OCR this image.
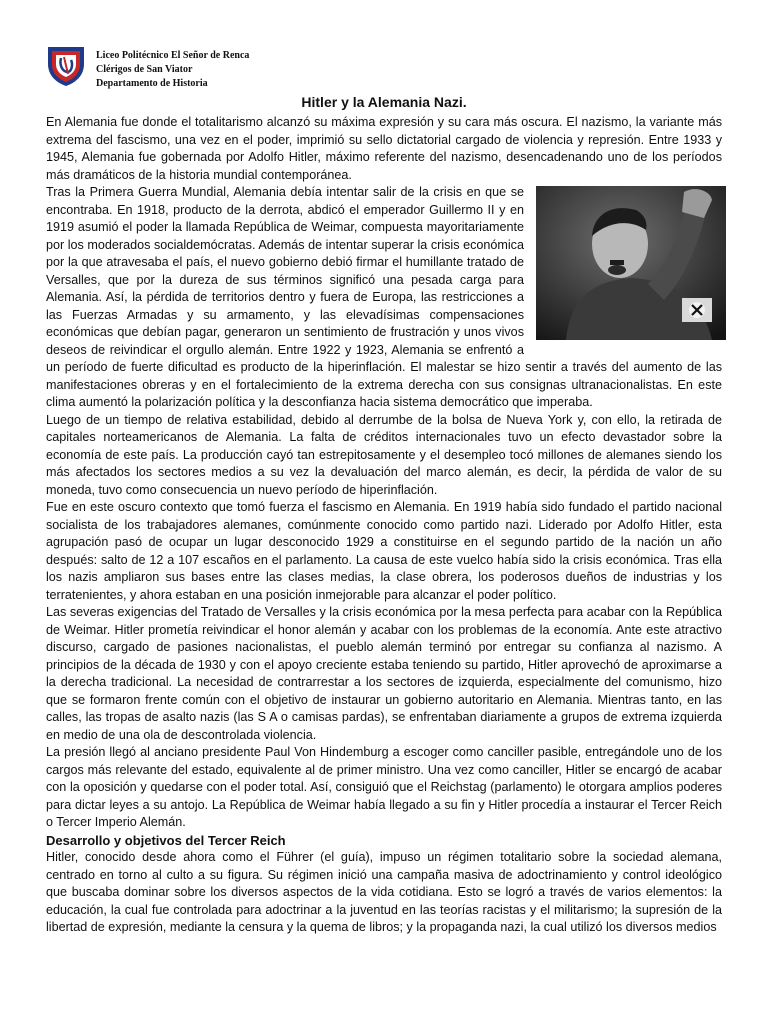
Liceo Politécnico El Señor de Renca
Clérigos de San Viator
Departamento de Historia
Hitler y la Alemania Nazi.

En Alemania fue donde el totalitarismo alcanzó su máxima expresión y su cara más oscura. El nazismo, la variante más extrema del fascismo, una vez en el poder, imprimió su sello dictatorial cargado de violencia y represión. Entre 1933 y 1945, Alemania fue gobernada por Adolfo Hitler, máximo referente del nazismo, desencadenando uno de los períodos más dramáticos de la historia mundial contemporánea.

Tras la Primera Guerra Mundial, Alemania debía intentar salir de la crisis en que se encontraba. En 1918, producto de la derrota, abdicó el emperador Guillermo II y en 1919 asumió el poder la llamada República de Weimar, compuesta mayoritariamente por los moderados socialdemócratas. Además de intentar superar la crisis económica por la que atravesaba el país, el nuevo gobierno debió firmar el humillante tratado de Versalles, que por la dureza de sus términos significó una pesada carga para Alemania. Así, la pérdida de territorios dentro y fuera de Europa, las restricciones a las Fuerzas Armadas y su armamento, y las elevadísimas compensaciones económicas que debían pagar, generaron un sentimiento de frustración y unos vivos deseos de reivindicar el orgullo alemán. Entre 1922 y 1923, Alemania se enfrentó a un período de fuerte dificultad es producto de la hiperinflación. El malestar se hizo sentir a través del aumento de las manifestaciones obreras y en el fortalecimiento de la extrema derecha con sus consignas ultranacionalistas. En este clima aumentó la polarización política y la desconfianza hacia sistema democrático que imperaba.

Luego de un tiempo de relativa estabilidad, debido al derrumbe de la bolsa de Nueva York y, con ello, la retirada de capitales norteamericanos de Alemania. La falta de créditos internacionales tuvo un efecto devastador sobre la economía de este país. La producción cayó tan estrepitosamente y el desempleo tocó millones de alemanes siendo los más afectados los sectores medios a su vez la devaluación del marco alemán, es decir, la pérdida de valor de su moneda, tuvo como consecuencia un nuevo período de hiperinflación.

Fue en este oscuro contexto que tomó fuerza el fascismo en Alemania. En 1919 había sido fundado el partido nacional socialista de los trabajadores alemanes, comúnmente conocido como partido nazi. Liderado por Adolfo Hitler, esta agrupación pasó de ocupar un lugar desconocido 1929 a constituirse en el segundo partido de la nación un año después: salto de 12 a 107 escaños en el parlamento. La causa de este vuelco había sido la crisis económica. Tras ella los nazis ampliaron sus bases entre las clases medias, la clase obrera, los poderosos dueños de industrias y los terratenientes, y ahora estaban en una posición inmejorable para alcanzar el poder político.

Las severas exigencias del Tratado de Versalles y la crisis económica por la mesa perfecta para acabar con la República de Weimar. Hitler prometía reivindicar el honor alemán y acabar con los problemas de la economía. Ante este atractivo discurso, cargado de pasiones nacionalistas, el pueblo alemán terminó por entregar su confianza al nazismo. A principios de la década de 1930 y con el apoyo creciente estaba teniendo su partido, Hitler aprovechó de aproximarse a la derecha tradicional. La necesidad de contrarrestar a los sectores de izquierda, especialmente del comunismo, hizo que se formaron frente común con el objetivo de instaurar un gobierno autoritario en Alemania. Mientras tanto, en las calles, las tropas de asalto nazis (las S A o camisas pardas), se enfrentaban diariamente a grupos de extrema izquierda en medio de una ola de descontrolada violencia.

La presión llegó al anciano presidente Paul Von Hindemburg a escoger como canciller pasible, entregándole uno de los cargos más relevante del estado, equivalente al de primer ministro. Una vez como canciller, Hitler se encargó de acabar con la oposición y quedarse con el poder total. Así, consiguió que el Reichstag (parlamento) le otorgara amplios poderes para dictar leyes a su antojo. La República de Weimar había llegado a su fin y Hitler procedía a instaurar el Tercer Reich o Tercer Imperio Alemán.

Desarrollo y objetivos del Tercer Reich

Hitler, conocido desde ahora como el Führer (el guía), impuso un régimen totalitario sobre la sociedad alemana, centrado en torno al culto a su figura. Su régimen inició una campaña masiva de adoctrinamiento y control ideológico que buscaba dominar sobre los diversos aspectos de la vida cotidiana. Esto se logró a través de varios elementos: la educación, la cual fue controlada para adoctrinar a la juventud en las teorías racistas y el militarismo; la supresión de la libertad de expresión, mediante la censura y la quema de libros; y la propaganda nazi, la cual utilizó los diversos medios
